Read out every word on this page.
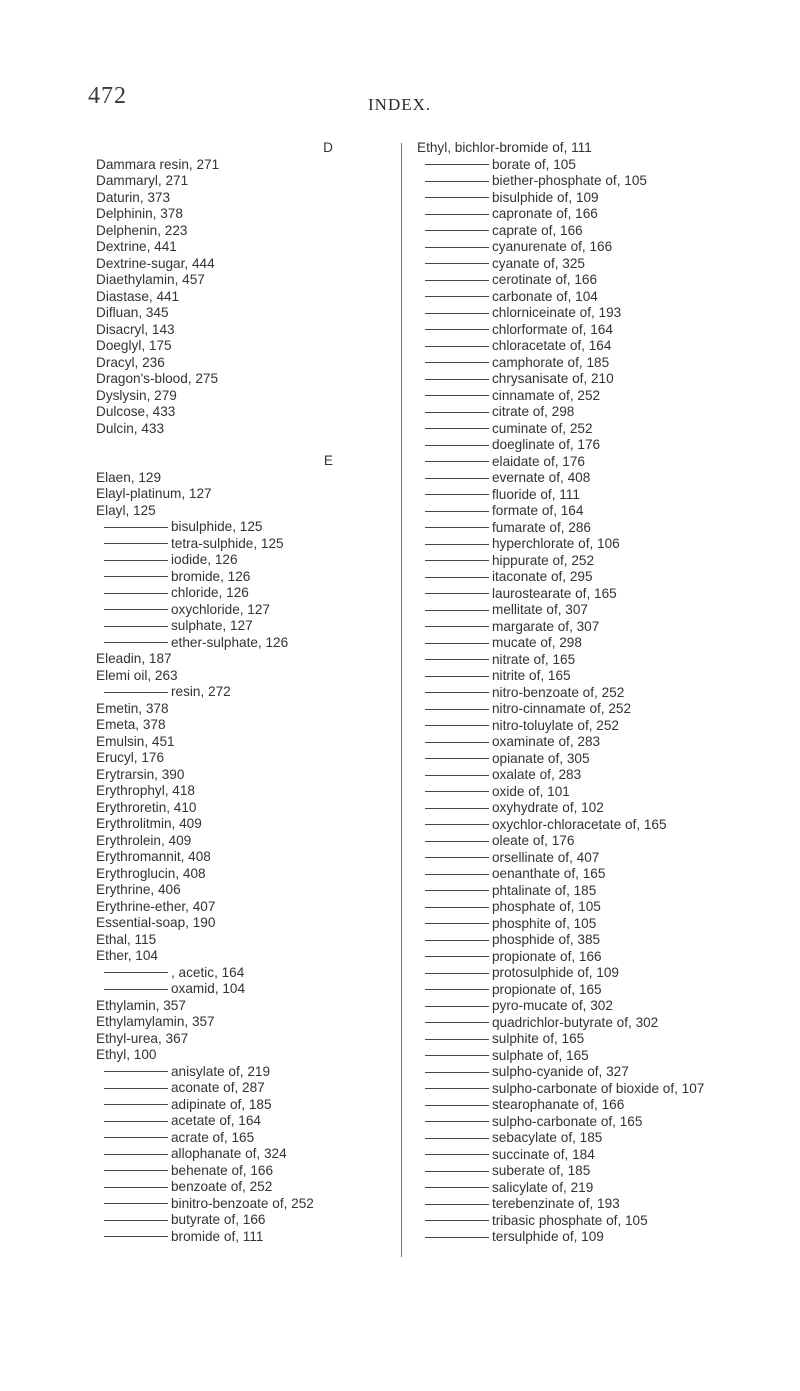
472	INDEX.
D
Dammara resin, 271
Dammaryl, 271
Daturin, 373
Delphinin, 378
Delphenin, 223
Dextrine, 441
Dextrine-sugar, 444
Diaethylamin, 457
Diastase, 441
Difluan, 345
Disacryl, 143
Doeglyl, 175
Dracyl, 236
Dragon's-blood, 275
Dyslysin, 279
Dulcose, 433
Dulcin, 433
E
Elaen, 129
Elayl-platinum, 127
Elayl, 125
bisulphide, 125
tetra-sulphide, 125
iodide, 126
bromide, 126
chloride, 126
oxychloride, 127
sulphate, 127
ether-sulphate, 126
Eleadin, 187
Elemi oil, 263
resin, 272
Emetin, 378
Emeta, 378
Emulsin, 451
Erucyl, 176
Erytrarsin, 390
Erythrophyl, 418
Erythroretin, 410
Erythrolitmin, 409
Erythrolein, 409
Erythromannit, 408
Erythroglucin, 408
Erythrine, 406
Erythrine-ether, 407
Essential-soap, 190
Ethal, 115
Ether, 104
, acetic, 164
oxamid, 104
Ethylamin, 357
Ethylamylamin, 357
Ethyl-urea, 367
Ethyl, 100
anisylate of, 219
aconate of, 287
adipinate of, 185
acetate of, 164
acrate of, 165
allophanate of, 324
behenate of, 166
benzoate of, 252
binitro-benzoate of, 252
butyrate of, 166
bromide of, 111
Ethyl, bichlor-bromide of, 111
borate of, 105
biether-phosphate of, 105
bisulphide of, 109
capronate of, 166
caprate of, 166
cyanurenate of, 166
cyanate of, 325
cerotinate of, 166
carbonate of, 104
chlorniceinate of, 193
chlorformate of, 164
chloracetate of, 164
camphorate of, 185
chrysanisate of, 210
cinnamate of, 252
citrate of, 298
cuminate of, 252
doeglinate of, 176
elaidate of, 176
evernate of, 408
fluoride of, 111
formate of, 164
fumarate of, 286
hyperchlorate of, 106
hippurate of, 252
itaconate of, 295
laurostearate of, 165
mellitate of, 307
margarate of, 307
mucate of, 298
nitrate of, 165
nitrite of, 165
nitro-benzoate of, 252
nitro-cinnamate of, 252
nitro-toluylate of, 252
oxaminate of, 283
opianate of, 305
oxalate of, 283
oxide of, 101
oxyhydrate of, 102
oxychlor-chloracetate of, 165
oleate of, 176
orsellinate of, 407
oenanthate of, 165
phtalinate of, 185
phosphate of, 105
phosphite of, 105
phosphide of, 385
propionate of, 166
protosulphide of, 109
propionate of, 165
pyro-mucate of, 302
quadrichlor-butyrate of, 302
sulphite of, 165
sulphate of, 165
sulpho-cyanide of, 327
sulpho-carbonate of bioxide of, 107
stearophanate of, 166
sulpho-carbonate of, 165
sebacylate of, 185
succinate of, 184
suberate of, 185
salicylate of, 219
terebenzinate of, 193
tribasic phosphate of, 105
tersulphide of, 109
